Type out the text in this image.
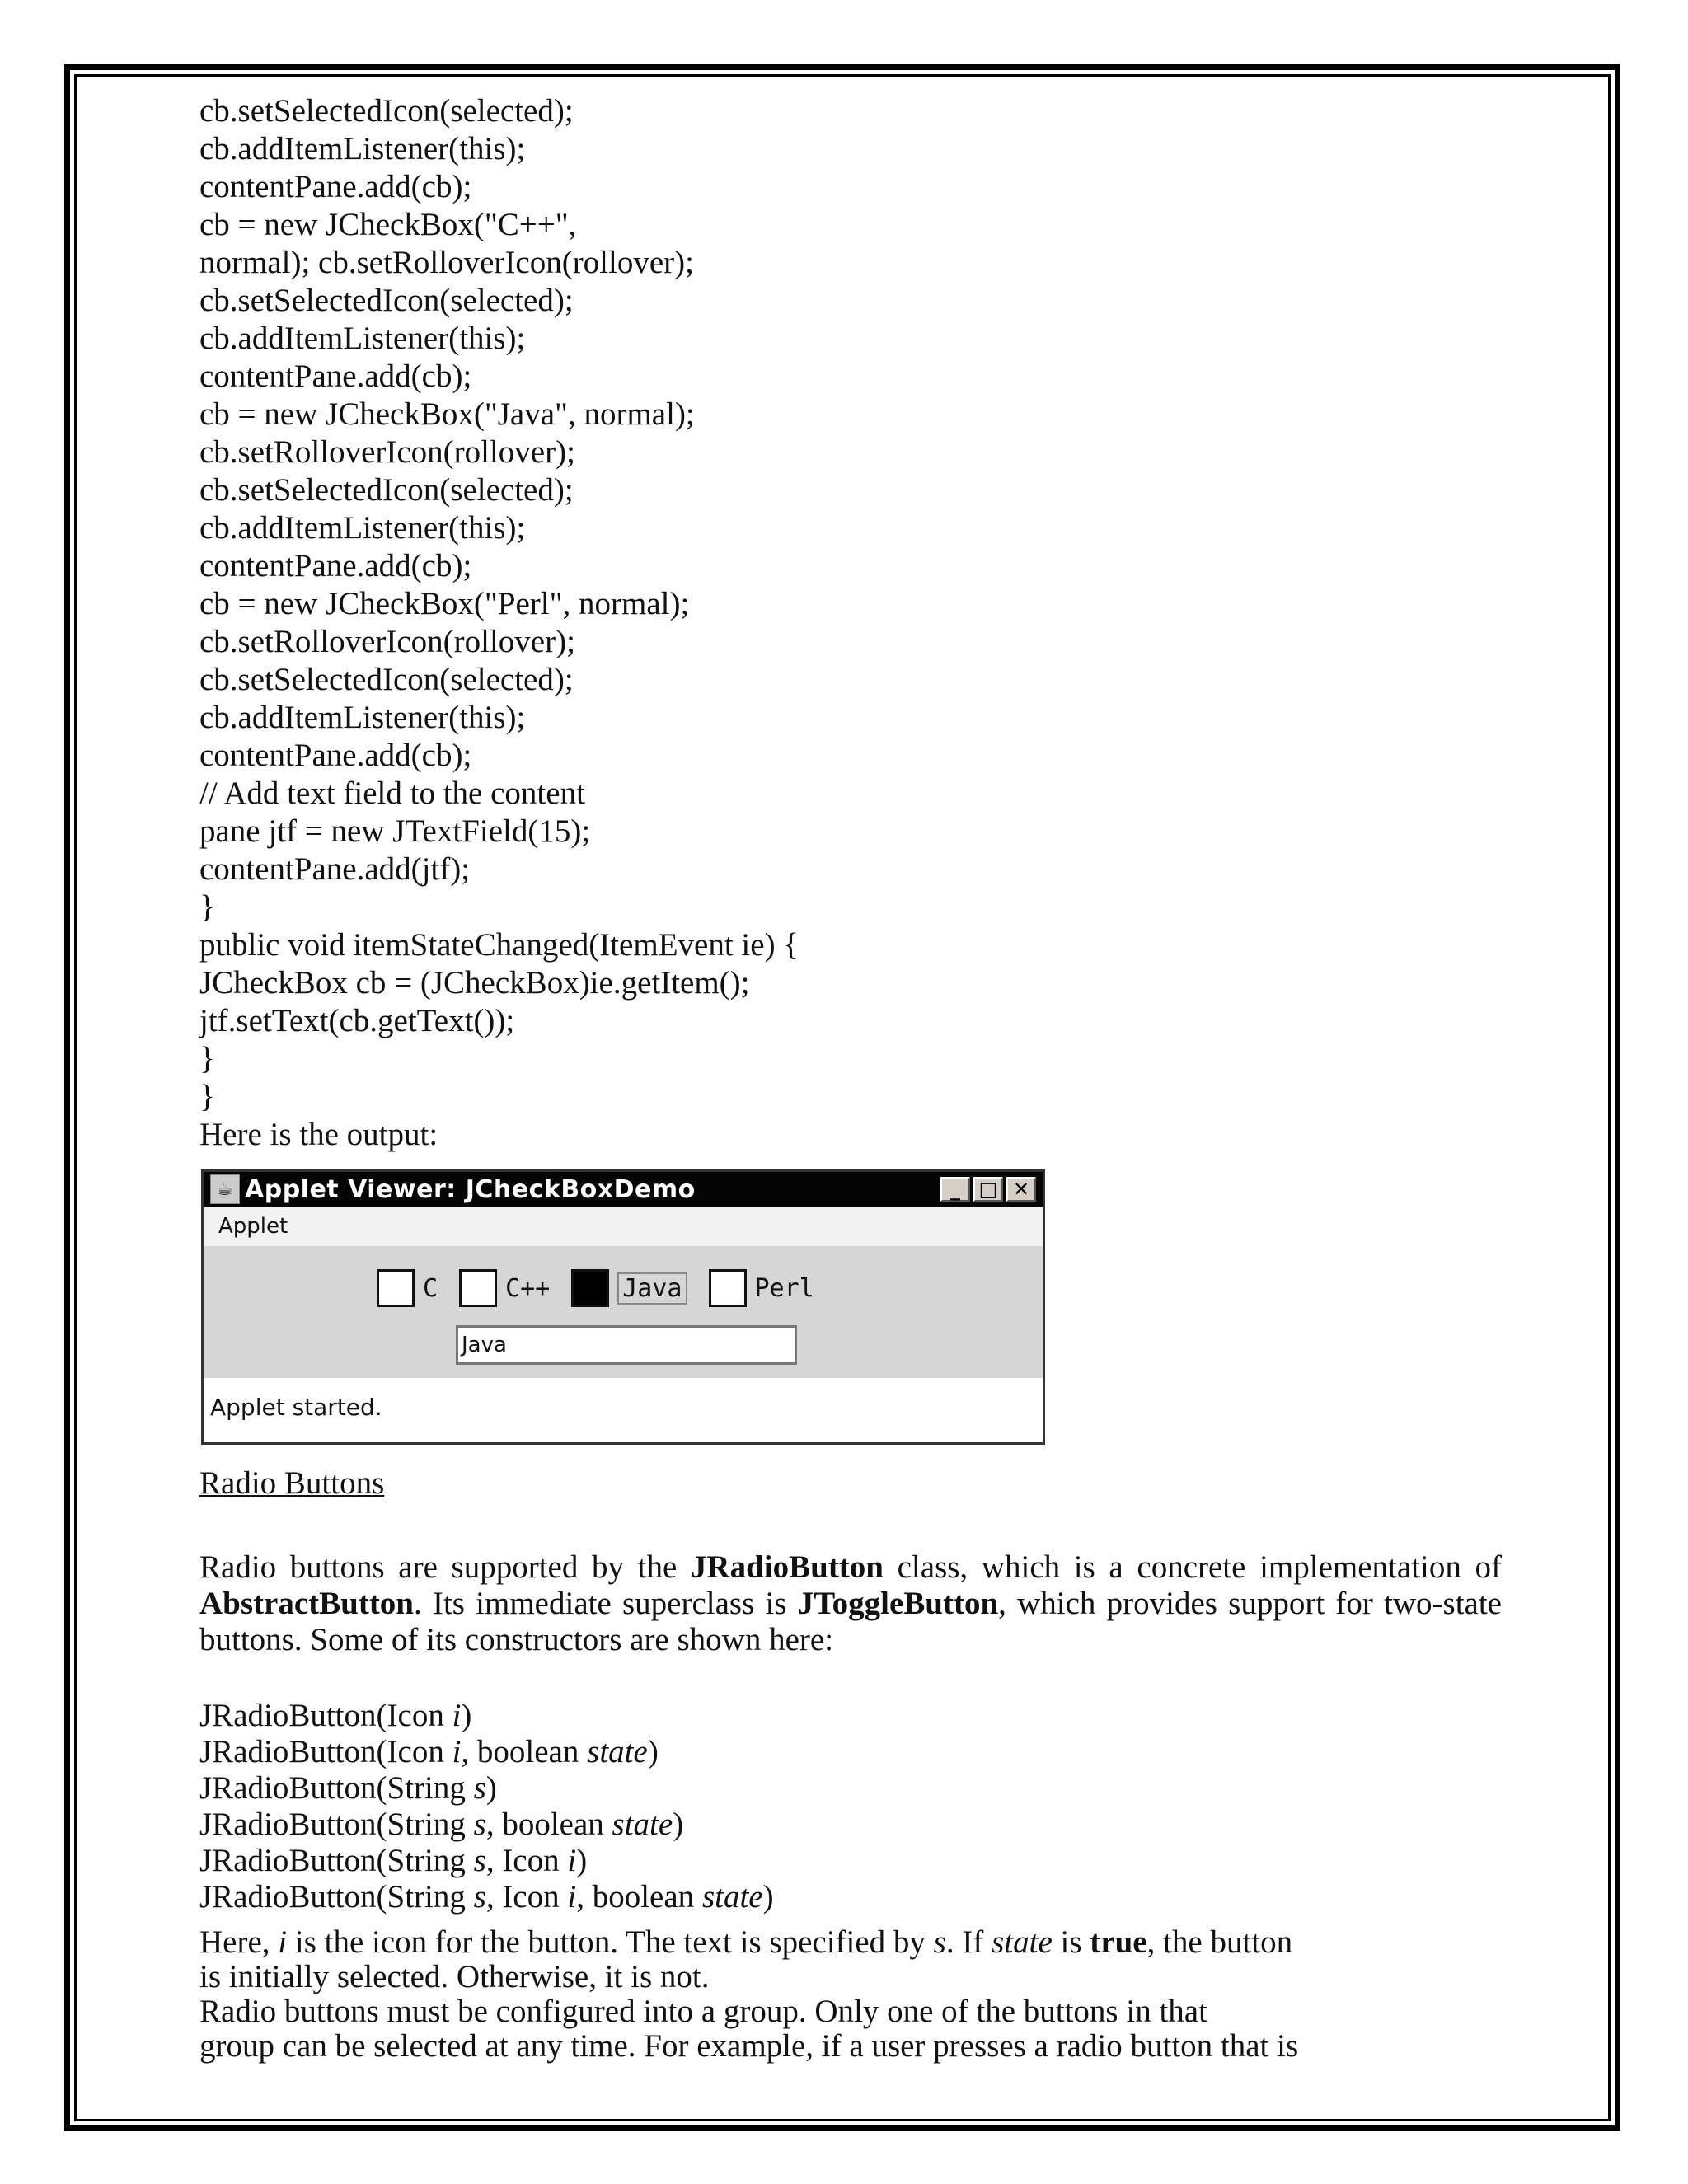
cb.setSelectedIcon(selected);
cb.addItemListener(this);
contentPane.add(cb);
cb = new JCheckBox("C++",
normal); cb.setRolloverIcon(rollover);
cb.setSelectedIcon(selected);
cb.addItemListener(this);
contentPane.add(cb);
cb = new JCheckBox("Java", normal);
cb.setRolloverIcon(rollover);
cb.setSelectedIcon(selected);
cb.addItemListener(this);
contentPane.add(cb);
cb = new JCheckBox("Perl", normal);
cb.setRolloverIcon(rollover);
cb.setSelectedIcon(selected);
cb.addItemListener(this);
contentPane.add(cb);
// Add text field to the content
pane jtf = new JTextField(15);
contentPane.add(jtf);
}
public void itemStateChanged(ItemEvent ie) {
JCheckBox cb = (JCheckBox)ie.getItem();
jtf.setText(cb.getText());
}
}
Here is the output:
☕ Applet Viewer: JCheckBoxDemo	_ □ ✕
Applet
C	C++	Java	Perl
Java
Applet started.
Radio Buttons
Radio buttons are supported by the JRadioButton class, which is a concrete implementation of AbstractButton. Its immediate superclass is JToggleButton, which provides support for two-state buttons. Some of its constructors are shown here:
JRadioButton(Icon i)
JRadioButton(Icon i, boolean state)
JRadioButton(String s)
JRadioButton(String s, boolean state)
JRadioButton(String s, Icon i)
JRadioButton(String s, Icon i, boolean state)
Here, i is the icon for the button. The text is specified by s. If state is true, the button
is initially selected. Otherwise, it is not.
Radio buttons must be configured into a group. Only one of the buttons in that
group can be selected at any time. For example, if a user presses a radio button that is
